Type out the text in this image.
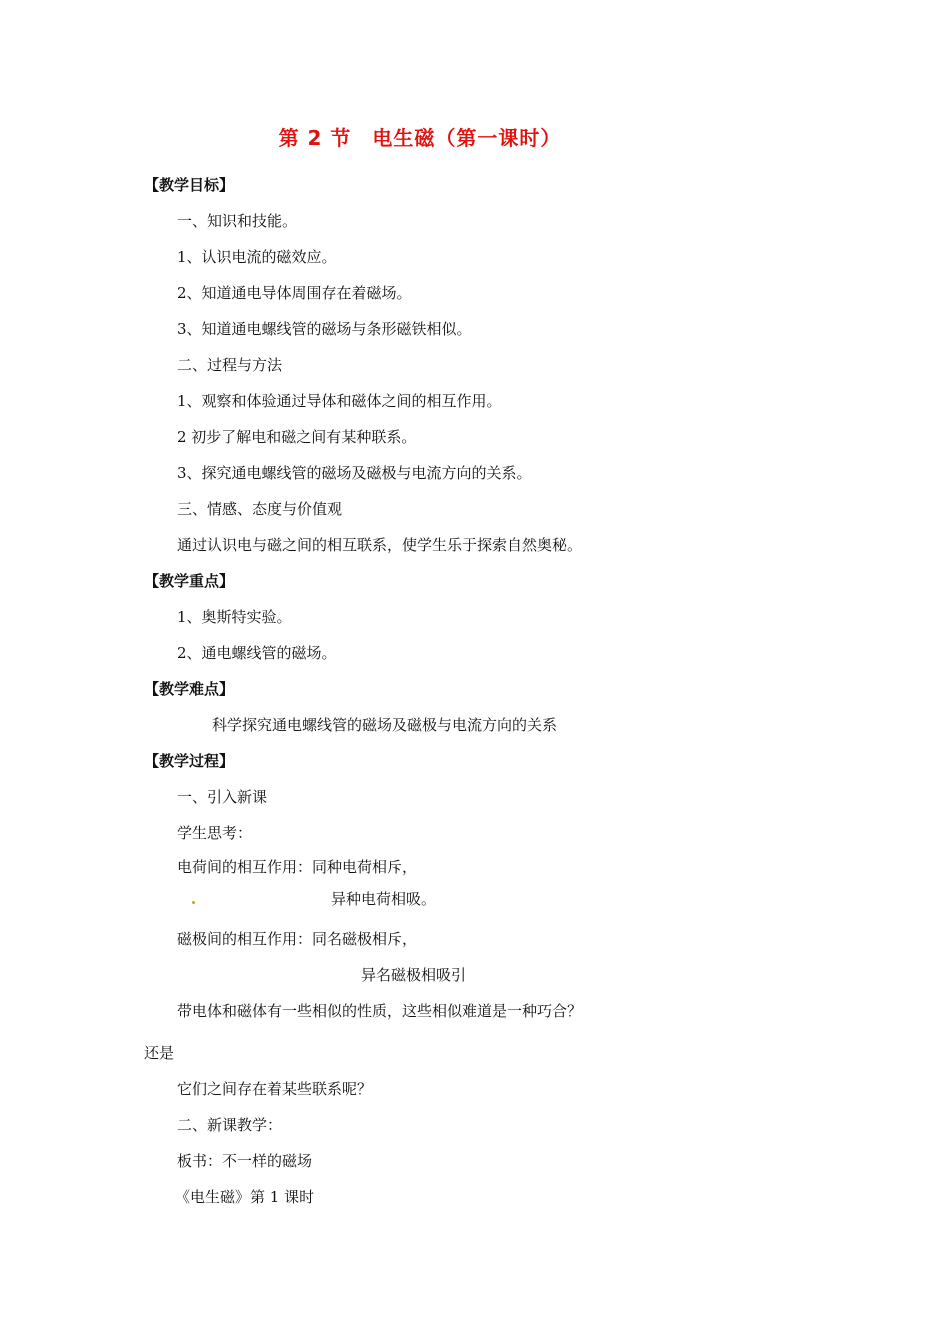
第 2 节　电生磁（第一课时）
【教学目标】
一、知识和技能。
1、认识电流的磁效应。
2、知道通电导体周围存在着磁场。
3、知道通电螺线管的磁场与条形磁铁相似。
二、过程与方法
1、观察和体验通过导体和磁体之间的相互作用。
2 初步了解电和磁之间有某种联系。
3、探究通电螺线管的磁场及磁极与电流方向的关系。
三、情感、态度与价值观
通过认识电与磁之间的相互联系，使学生乐于探索自然奥秘。
【教学重点】
1、奥斯特实验。
2、通电螺线管的磁场。
【教学难点】
科学探究通电螺线管的磁场及磁极与电流方向的关系
【教学过程】
一、引入新课
学生思考：
电荷间的相互作用：同种电荷相斥，
异种电荷相吸。
磁极间的相互作用：同名磁极相斥，
异名磁极相吸引
带电体和磁体有一些相似的性质，这些相似难道是一种巧合？
还是
它们之间存在着某些联系呢？
二、新课教学：
板书：不一样的磁场
《电生磁》第 1 课时
